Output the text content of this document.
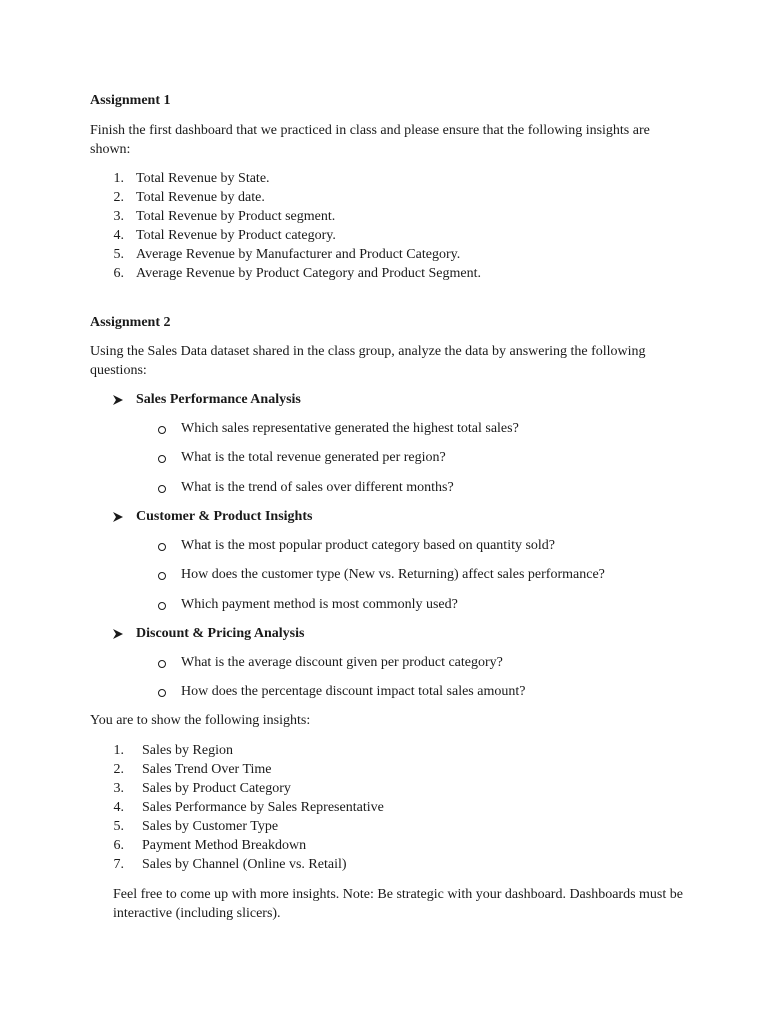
Assignment 1
Finish the first dashboard that we practiced in class and please ensure that the following insights are
shown:
1. Total Revenue by State.
2. Total Revenue by date.
3. Total Revenue by Product segment.
4. Total Revenue by Product category.
5. Average Revenue by Manufacturer and Product Category.
6. Average Revenue by Product Category and Product Segment.
Assignment 2
Using the Sales Data dataset shared in the class group, analyze the data by answering the following
questions:
Sales Performance Analysis
Which sales representative generated the highest total sales?
What is the total revenue generated per region?
What is the trend of sales over different months?
Customer & Product Insights
What is the most popular product category based on quantity sold?
How does the customer type (New vs. Returning) affect sales performance?
Which payment method is most commonly used?
Discount & Pricing Analysis
What is the average discount given per product category?
How does the percentage discount impact total sales amount?
You are to show the following insights:
1. Sales by Region
2. Sales Trend Over Time
3. Sales by Product Category
4. Sales Performance by Sales Representative
5. Sales by Customer Type
6. Payment Method Breakdown
7. Sales by Channel (Online vs. Retail)
Feel free to come up with more insights. Note: Be strategic with your dashboard. Dashboards must be
interactive (including slicers).
